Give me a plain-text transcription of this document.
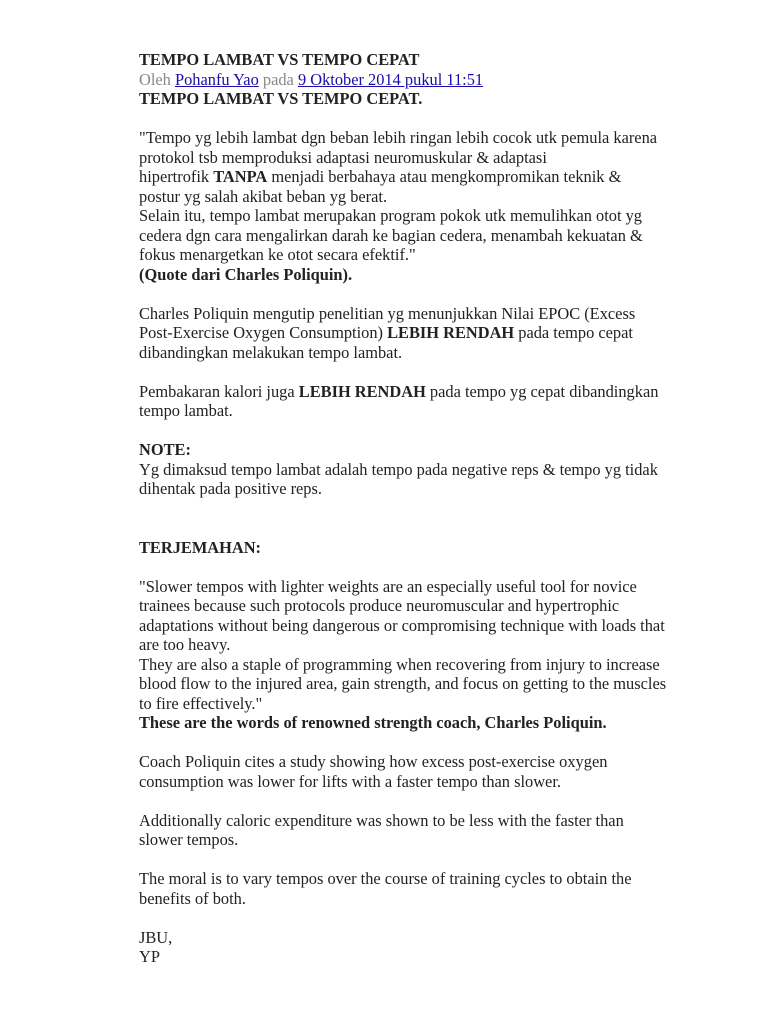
TEMPO LAMBAT VS TEMPO CEPAT
Oleh Pohanfu Yao pada 9 Oktober 2014 pukul 11:51
TEMPO LAMBAT VS TEMPO CEPAT.
"Tempo yg lebih lambat dgn beban lebih ringan lebih cocok utk pemula karena
protokol tsb memproduksi adaptasi neuromuskular & adaptasi
hipertrofik TANPA menjadi berbahaya atau mengkompromikan teknik &
postur yg salah akibat beban yg berat.
Selain itu, tempo lambat merupakan program pokok utk memulihkan otot yg
cedera dgn cara mengalirkan darah ke bagian cedera, menambah kekuatan &
fokus menargetkan ke otot secara efektif."
(Quote dari Charles Poliquin).
Charles Poliquin mengutip penelitian yg menunjukkan Nilai EPOC (Excess
Post-Exercise Oxygen Consumption) LEBIH RENDAH pada tempo cepat
dibandingkan melakukan tempo lambat.
Pembakaran kalori juga LEBIH RENDAH pada tempo yg cepat dibandingkan
tempo lambat.
NOTE:
Yg dimaksud tempo lambat adalah tempo pada negative reps & tempo yg tidak
dihentak pada positive reps.
TERJEMAHAN:
"Slower tempos with lighter weights are an especially useful tool for novice
trainees because such protocols produce neuromuscular and hypertrophic
adaptations without being dangerous or compromising technique with loads that
are too heavy.
They are also a staple of programming when recovering from injury to increase
blood flow to the injured area, gain strength, and focus on getting to the muscles
to fire effectively."
These are the words of renowned strength coach, Charles Poliquin.
Coach Poliquin cites a study showing how excess post-exercise oxygen
consumption was lower for lifts with a faster tempo than slower.
Additionally caloric expenditure was shown to be less with the faster than
slower tempos.
The moral is to vary tempos over the course of training cycles to obtain the
benefits of both.
JBU,
YP
